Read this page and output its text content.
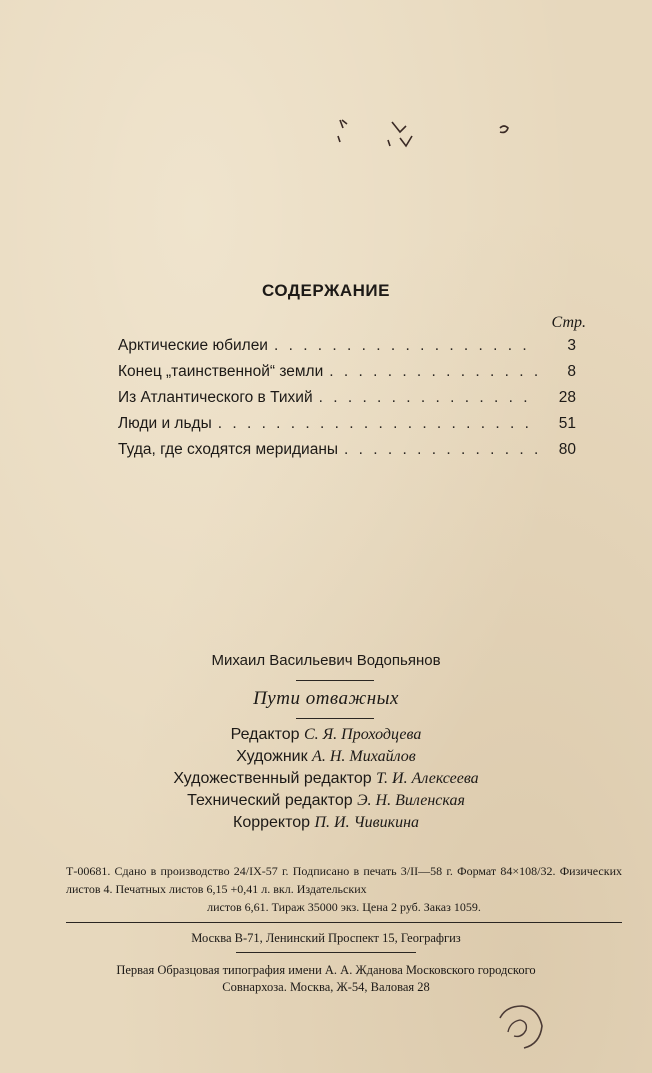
СОДЕРЖАНИЕ
Стр.
Арктические юбилеи . . .	3
Конец „таинственной“ земли . . .	8
Из Атлантического в Тихий . . .	28
Люди и льды . . .	51
Туда, где сходятся меридианы . . .	80
Михаил Васильевич Водопьянов
Пути отважных
Редактор С. Я. Проходцева
Художник А. Н. Михайлов
Художественный редактор Т. И. Алексеева
Технический редактор Э. Н. Виленская
Корректор П. И. Чивикина
Т-00681. Сдано в производство 24/IX-57 г. Подписано в печать 3/II—58 г. Формат 84×108/32. Физических листов 4. Печатных листов 6,15 +0,41 л. вкл. Издательских
листов 6,61. Тираж 35000 экз. Цена 2 руб. Заказ 1059.
Москва В-71, Ленинский Проспект 15, Географгиз
Первая Образцовая типография имени А. А. Жданова Московского городского
Совнархоза. Москва, Ж-54, Валовая 28
